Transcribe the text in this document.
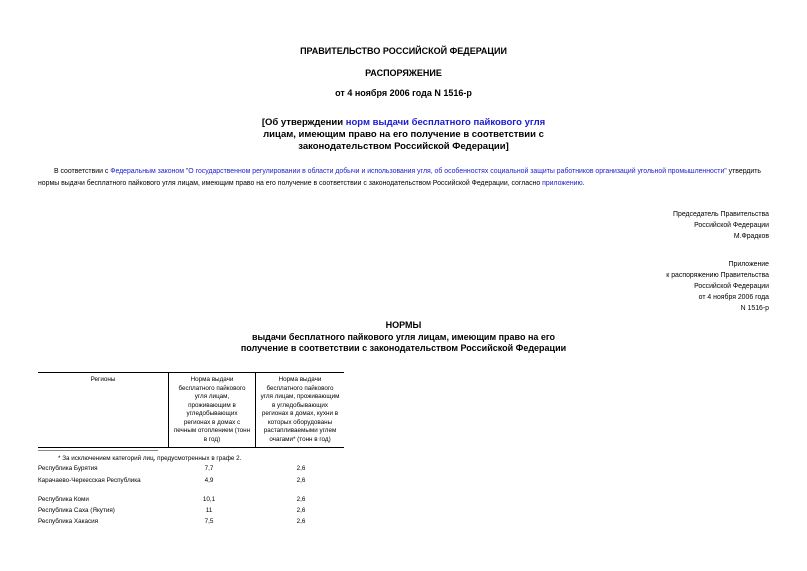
ПРАВИТЕЛЬСТВО РОССИЙСКОЙ ФЕДЕРАЦИИ
РАСПОРЯЖЕНИЕ
от 4 ноября 2006 года N 1516-р
[Об утверждении норм выдачи бесплатного пайкового угля
лицам, имеющим право на его получение в соответствии с
законодательством Российской Федерации]
В соответствии с Федеральным законом "О государственном регулировании в области добычи и использования угля, об особенностях социальной защиты работников организаций угольной промышленности" утвердить нормы выдачи бесплатного пайкового угля лицам, имеющим право на его получение в соответствии с законодательством Российской Федерации, согласно приложению.
Председатель Правительства
Российской Федерации
М.Фрадков
Приложение
к распоряжению Правительства
Российской Федерации
от 4 ноября 2006 года
N 1516-р
НОРМЫ
выдачи бесплатного пайкового угля лицам, имеющим право на его
получение в соответствии с законодательством Российской Федерации
Регионы	Норма выдачи бесплатного пайкового угля лицам, проживающим в угледобывающих регионах в домах с печным отоплением (тонн в год)	Норма выдачи бесплатного пайкового угля лицам, проживающим в угледобывающих регионах в домах, кухни в которых оборудованы растапливаемыми углем очагами* (тонн в год)
* За исключением категорий лиц, предусмотренных в графе 2.
Республика Бурятия	7,7	2,6
Карачаево-Черкесская Республика	4,9	2,6
Республика Коми	10,1	2,6
Республика Саха (Якутия)	11	2,6
Республика Хакасия	7,5	2,6
